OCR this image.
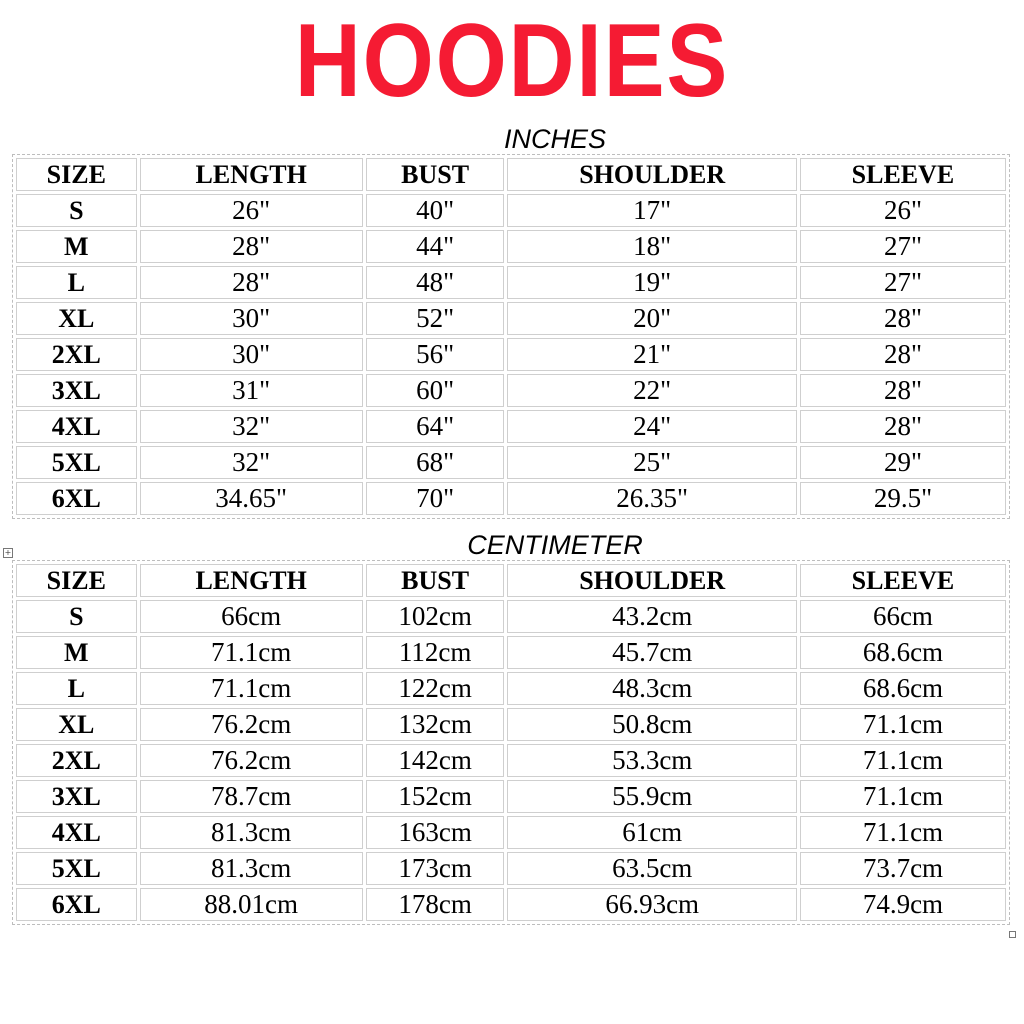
HOODIES
INCHES
SIZE	LENGTH	BUST	SHOULDER	SLEEVE
S	26"	40"	17"	26"
M	28"	44"	18"	27"
L	28"	48"	19"	27"
XL	30"	52"	20"	28"
2XL	30"	56"	21"	28"
3XL	31"	60"	22"	28"
4XL	32"	64"	24"	28"
5XL	32"	68"	25"	29"
6XL	34.65"	70"	26.35"	29.5"
+	CENTIMETER
SIZE	LENGTH	BUST	SHOULDER	SLEEVE
S	66cm	102cm	43.2cm	66cm
M	71.1cm	112cm	45.7cm	68.6cm
L	71.1cm	122cm	48.3cm	68.6cm
XL	76.2cm	132cm	50.8cm	71.1cm
2XL	76.2cm	142cm	53.3cm	71.1cm
3XL	78.7cm	152cm	55.9cm	71.1cm
4XL	81.3cm	163cm	61cm	71.1cm
5XL	81.3cm	173cm	63.5cm	73.7cm
6XL	88.01cm	178cm	66.93cm	74.9cm
